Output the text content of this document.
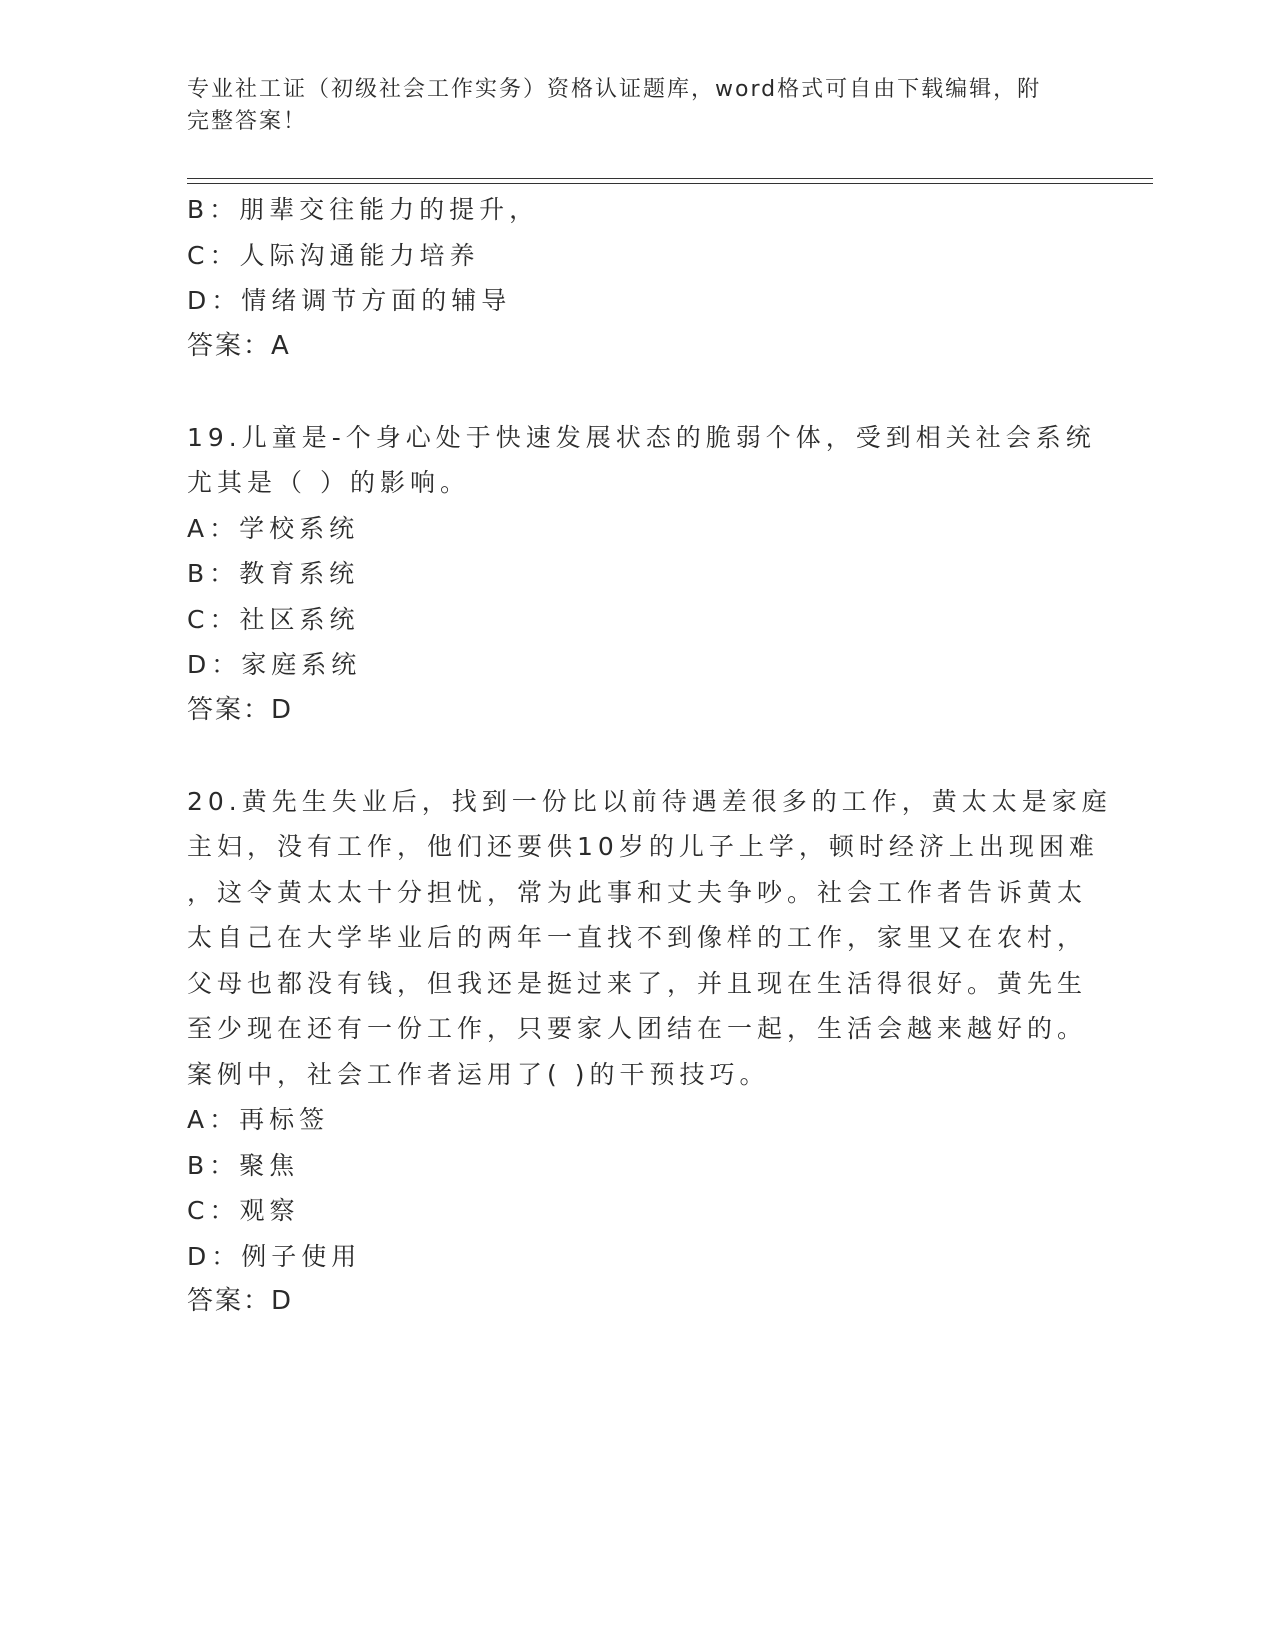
专业社工证（初级社会工作实务）资格认证题库，word格式可自由下载编辑，附
完整答案！
B：朋辈交往能力的提升，
C：人际沟通能力培养
D：情绪调节方面的辅导
答案：A
19.儿童是-个身心处于快速发展状态的脆弱个体，受到相关社会系统
尤其是（ ）的影响。
A：学校系统
B：教育系统
C：社区系统
D：家庭系统
答案：D
20.黄先生失业后，找到一份比以前待遇差很多的工作，黄太太是家庭
主妇，没有工作，他们还要供10岁的儿子上学，顿时经济上出现困难
，这令黄太太十分担忧，常为此事和丈夫争吵。社会工作者告诉黄太
太自己在大学毕业后的两年一直找不到像样的工作，家里又在农村，
父母也都没有钱，但我还是挺过来了，并且现在生活得很好。黄先生
至少现在还有一份工作，只要家人团结在一起，生活会越来越好的。
案例中，社会工作者运用了( )的干预技巧。
A：再标签
B：聚焦
C：观察
D：例子使用
答案：D
